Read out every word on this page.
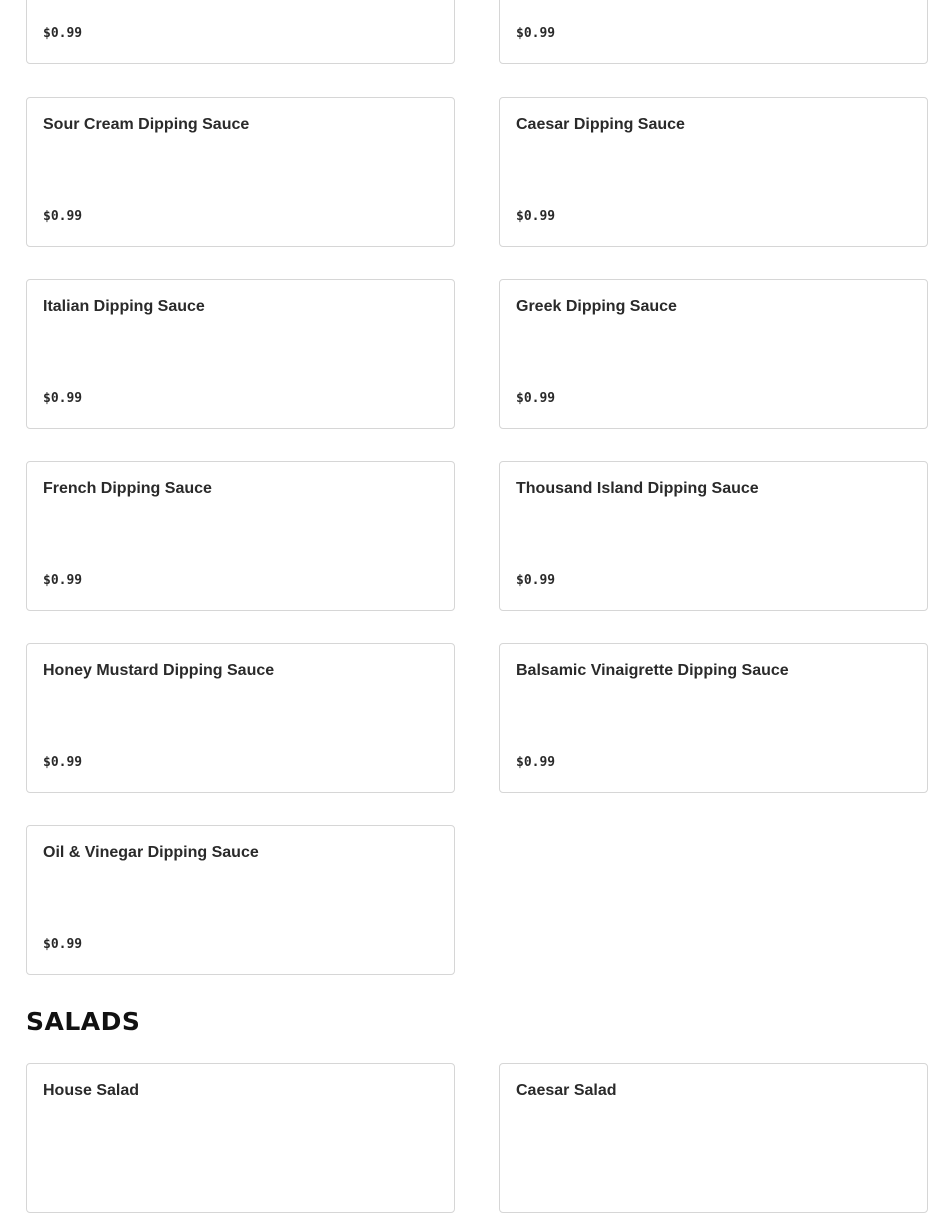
$0.99	$0.99
Sour Cream Dipping Sauce
$0.99
Caesar Dipping Sauce
$0.99
Italian Dipping Sauce
$0.99
Greek Dipping Sauce
$0.99
French Dipping Sauce
$0.99
Thousand Island Dipping Sauce
$0.99
Honey Mustard Dipping Sauce
$0.99
Balsamic Vinaigrette Dipping Sauce
$0.99
Oil & Vinegar Dipping Sauce
$0.99
SALADS
House Salad	Caesar Salad
